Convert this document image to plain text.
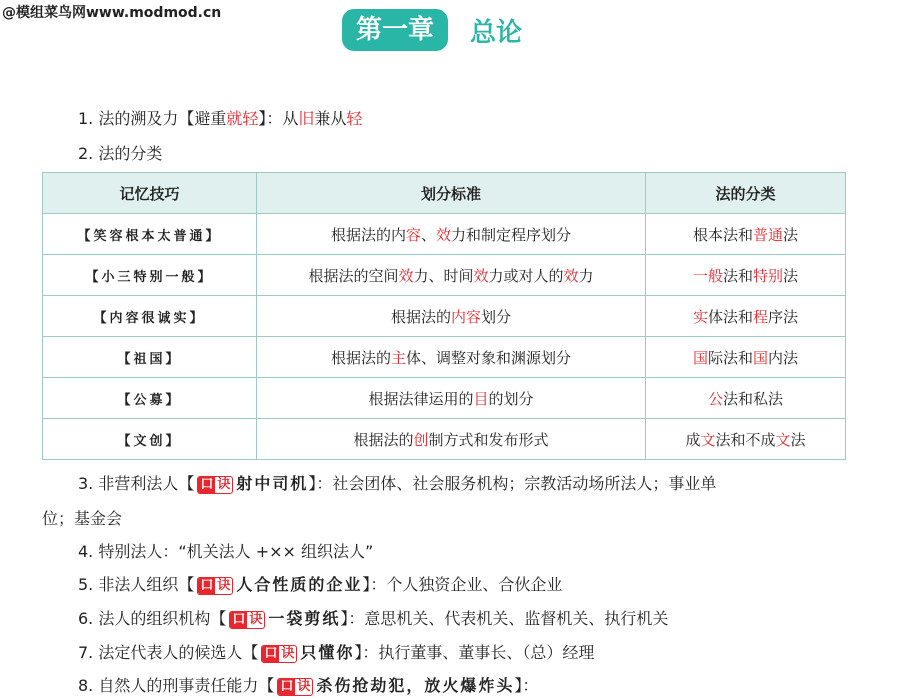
@模组菜鸟网www.modmod.cn
第一章	总论
1. 法的溯及力【避重就轻】：从旧兼从轻
2. 法的分类
记忆技巧	划分标准	法的分类
【笑容根本太普通】	根据法的内容、效力和制定程序划分	根本法和普通法
【小三特别一般】	根据法的空间效力、时间效力或对人的效力	一般法和特别法
【内容很诚实】	根据法的内容划分	实体法和程序法
【祖国】	根据法的主体、调整对象和渊源划分	国际法和国内法
【公募】	根据法律运用的目的划分	公法和私法
【文创】	根据法的创制方式和发布形式	成文法和不成文法
3. 非营利法人【 口 诀 射中司机】：社会团体、社会服务机构；宗教活动场所法人；事业单
位；基金会
4. 特别法人：“机关法人 +×× 组织法人”
5. 非法人组织【 口 诀 人合性质的企业】：个人独资企业、合伙企业
6. 法人的组织机构【 口 诀 一袋剪纸】：意思机关、代表机关、监督机关、执行机关
7. 法定代表人的候选人【 口 诀 只懂你】：执行董事、董事长、（总）经理
8. 自然人的刑事责任能力【 口 诀 杀伤抢劫犯，放火爆炸头】：
